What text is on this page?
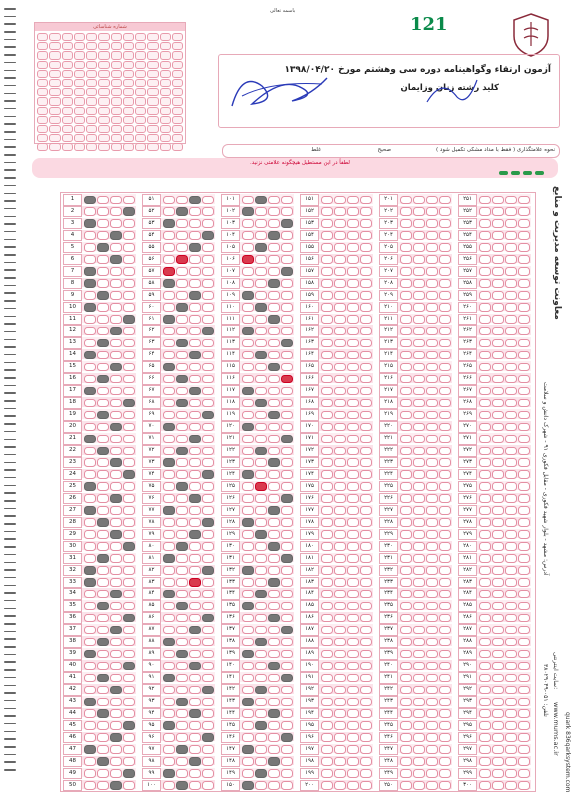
باسمه تعالی
شماره شناسائی	121
آزمون ارتقاء وگواهینامه دوره سی وهشتم مورخ ۱۳۹۸/۰۴/۲۰
کلید رشته زنان وزایمان
نحوه علامتگذاری ( فقط با مداد مشکی تکمیل شود )
صحیح
غلط
لطفاً در این مستطیل هیچگونه علامتی نزنید.
1
2
3
4
5
6
7
8
9
10
11
12
13
14
15
16
17
18
19
20
21
22
23
24
25
26
27
28
29
30
31
32
33
34
35
36
37
38
39
40
41
42
43
44
45
46
47
48
49
50
۵۱
۵۲
۵۳
۵۴
۵۵
۵۶
۵۷
۵۸
۵۹
۶٠
۶۱
۶۲
۶۳
۶۴
۶۵
۶۶
۶۷
۶۸
۶۹
۷٠
۷۱
۷۲
۷۳
۷۴
۷۵
۷۶
۷۷
۷۸
۷۹
۸٠
۸۱
۸۲
۸۳
۸۴
۸۵
۸۶
۸۷
۸۸
۸۹
۹٠
۹۱
۹۲
۹۳
۹۴
۹۵
۹۶
۹۷
۹۸
۹۹
۱٠٠
۱٠۱
۱٠۲
۱٠۳
۱٠۴
۱٠۵
۱٠۶
۱٠۷
۱٠۸
۱٠۹
۱۱٠
۱۱۱
۱۱۲
۱۱۳
۱۱۴
۱۱۵
۱۱۶
۱۱۷
۱۱۸
۱۱۹
۱۲٠
۱۲۱
۱۲۲
۱۲۳
۱۲۴
۱۲۵
۱۲۶
۱۲۷
۱۲۸
۱۲۹
۱۳٠
۱۳۱
۱۳۲
۱۳۳
۱۳۴
۱۳۵
۱۳۶
۱۳۷
۱۳۸
۱۳۹
۱۴٠
۱۴۱
۱۴۲
۱۴۳
۱۴۴
۱۴۵
۱۴۶
۱۴۷
۱۴۸
۱۴۹
۱۵٠
۱۵۱
۱۵۲
۱۵۳
۱۵۴
۱۵۵
۱۵۶
۱۵۷
۱۵۸
۱۵۹
۱۶٠
۱۶۱
۱۶۲
۱۶۳
۱۶۴
۱۶۵
۱۶۶
۱۶۷
۱۶۸
۱۶۹
۱۷٠
۱۷۱
۱۷۲
۱۷۳
۱۷۴
۱۷۵
۱۷۶
۱۷۷
۱۷۸
۱۷۹
۱۸٠
۱۸۱
۱۸۲
۱۸۳
۱۸۴
۱۸۵
۱۸۶
۱۸۷
۱۸۸
۱۸۹
۱۹٠
۱۹۱
۱۹۲
۱۹۳
۱۹۴
۱۹۵
۱۹۶
۱۹۷
۱۹۸
۱۹۹
۲٠٠
۲٠۱
۲٠۲
۲٠۳
۲٠۴
۲٠۵
۲٠۶
۲٠۷
۲٠۸
۲٠۹
۲۱٠
۲۱۱
۲۱۲
۲۱۳
۲۱۴
۲۱۵
۲۱۶
۲۱۷
۲۱۸
۲۱۹
۲۲٠
۲۲۱
۲۲۲
۲۲۳
۲۲۴
۲۲۵
۲۲۶
۲۲۷
۲۲۸
۲۲۹
۲۳٠
۲۳۱
۲۳۲
۲۳۳
۲۳۴
۲۳۵
۲۳۶
۲۳۷
۲۳۸
۲۳۹
۲۴٠
۲۴۱
۲۴۲
۲۴۳
۲۴۴
۲۴۵
۲۴۶
۲۴۷
۲۴۸
۲۴۹
۲۵٠
۲۵۱
۲۵۲
۲۵۳
۲۵۴
۲۵۵
۲۵۶
۲۵۷
۲۵۸
۲۵۹
۲۶٠
۲۶۱
۲۶۲
۲۶۳
۲۶۴
۲۶۵
۲۶۶
۲۶۷
۲۶۸
۲۶۹
۲۷٠
۲۷۱
۲۷۲
۲۷۳
۲۷۴
۲۷۵
۲۷۶
۲۷۷
۲۷۸
۲۷۹
۲۸٠
۲۸۱
۲۸۲
۲۸۳
۲۸۴
۲۸۵
۲۸۶
۲۸۷
۲۸۸
۲۸۹
۲۹٠
۲۹۱
۲۹۲
۲۹۳
۲۹۴
۲۹۵
۲۹۶
۲۹۷
۲۹۸
۲۹۹
۳٠٠
معاونت توسعه مدیریت و منابع
آدرس: مشهد - بلوار شهید فکوری - مقابل فکوری ۹۱ - شهرک دانش و سلامت
تلفن: ۰۵۱-۳۸۰۲۹۰۴۹
سایت اینترنتی:
www.mums.ac.ir quark 836qarksystem.com
